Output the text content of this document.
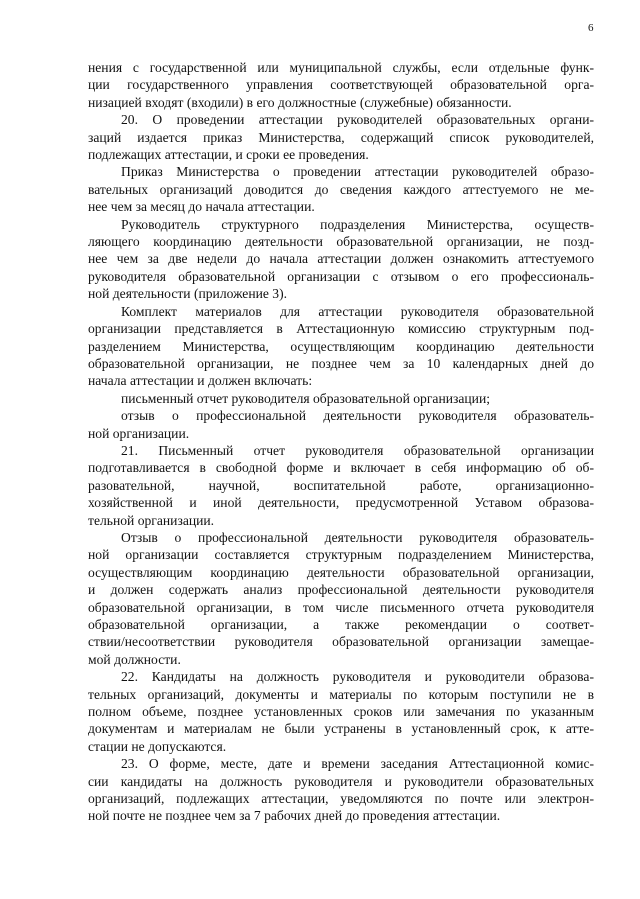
6
нения с государственной или муниципальной службы, если отдельные функ-
ции государственного управления соответствующей образовательной орга-
низацией входят (входили) в его должностные (служебные) обязанности.
20. О проведении аттестации руководителей образовательных органи-
заций издается приказ Министерства, содержащий список руководителей,
подлежащих аттестации, и сроки ее проведения.
Приказ Министерства о проведении аттестации руководителей образо-
вательных организаций доводится до сведения каждого аттестуемого не ме-
нее чем за месяц до начала аттестации.
Руководитель структурного подразделения Министерства, осуществ-
ляющего координацию деятельности образовательной организации, не позд-
нее чем за две недели до начала аттестации должен ознакомить аттестуемого
руководителя образовательной организации с отзывом о его профессиональ-
ной деятельности (приложение 3).
Комплект материалов для аттестации руководителя образовательной
организации представляется в Аттестационную комиссию структурным под-
разделением Министерства, осуществляющим координацию деятельности
образовательной организации, не позднее чем за 10 календарных дней до
начала аттестации и должен включать:
письменный отчет руководителя образовательной организации;
отзыв о профессиональной деятельности руководителя образователь-
ной организации.
21. Письменный отчет руководителя образовательной организации
подготавливается в свободной форме и включает в себя информацию об об-
разовательной, научной, воспитательной работе, организационно-
хозяйственной и иной деятельности, предусмотренной Уставом образова-
тельной организации.
Отзыв о профессиональной деятельности руководителя образователь-
ной организации составляется структурным подразделением Министерства,
осуществляющим координацию деятельности образовательной организации,
и должен содержать анализ профессиональной деятельности руководителя
образовательной организации, в том числе письменного отчета руководителя
образовательной организации, а также рекомендации о соответ-
ствии/несоответствии руководителя образовательной организации замещае-
мой должности.
22. Кандидаты на должность руководителя и руководители образова-
тельных организаций, документы и материалы по которым поступили не в
полном объеме, позднее установленных сроков или замечания по указанным
документам и материалам не были устранены в установленный срок, к атте-
стации не допускаются.
23. О форме, месте, дате и времени заседания Аттестационной комис-
сии кандидаты на должность руководителя и руководители образовательных
организаций, подлежащих аттестации, уведомляются по почте или электрон-
ной почте не позднее чем за 7 рабочих дней до проведения аттестации.
